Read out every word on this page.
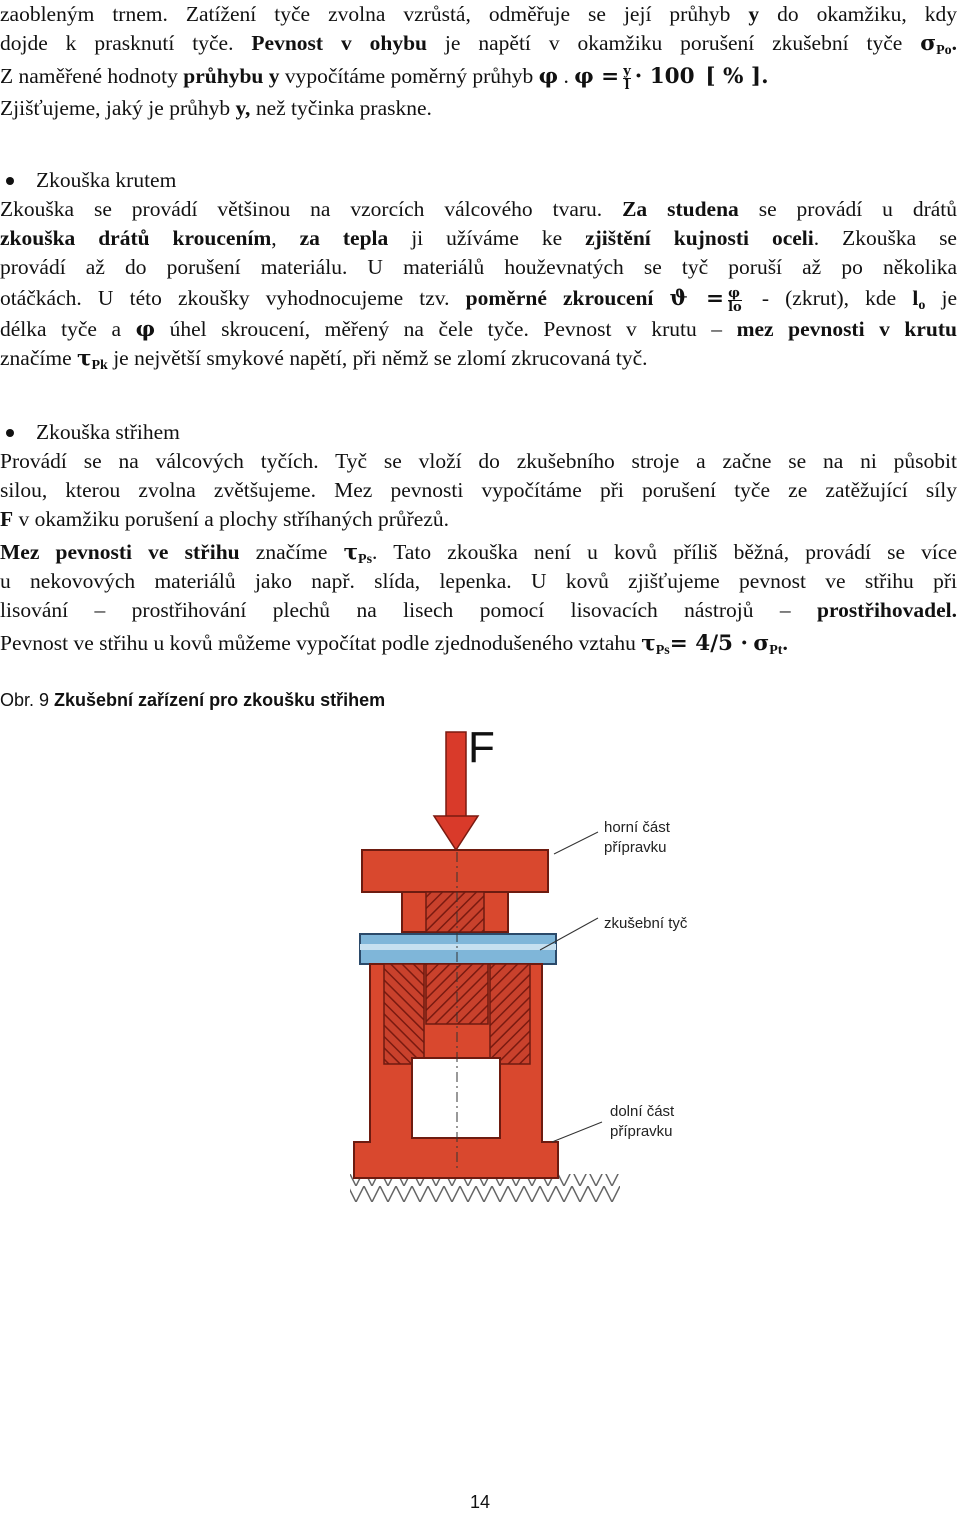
zaobleným trnem. Zatížení tyče zvolna vzrůstá, odměřuje se její průhyb y do okamžiku, kdy
dojde k prasknutí tyče. Pevnost v ohybu je napětí v okamžiku porušení zkušební tyče $\sigma_{Po}$.
Z naměřené hodnoty průhybu y vypočítáme poměrný průhyb φ . $\varphi = \frac{y}{l} \cdot 100$ [ % ].
Zjišťujeme, jaký je průhyb y, než tyčinka praskne.
Zkouška krutem
Zkouška se provádí většinou na vzorcích válcového tvaru. Za studena se provádí u drátů
zkouška drátů kroucením, za tepla ji užíváme ke zjištění kujnosti oceli. Zkouška se
provádí až do porušení materiálu. U materiálů houževnatých se tyč poruší až po několika
otáčkách. U této zkoušky vyhodnocujeme tzv. poměrné zkroucení $ϑ = \frac{\varphi}{lo}$ - (zkrut), kde $l_o$ je
délka tyče a φ úhel skroucení, měřený na čele tyče. Pevnost v krutu – mez pevnosti v krutu
značíme $\tau_{Pk}$ je největší smykové napětí, při němž se zlomí zkrucovaná tyč.
Zkouška střihem
Provádí se na válcových tyčích. Tyč se vloží do zkušebního stroje a začne se na ni působit
silou, kterou zvolna zvětšujeme. Mez pevnosti vypočítáme při porušení tyče ze zatěžující síly
F v okamžiku porušení a plochy stříhaných průřezů.
Mez pevnosti ve střihu značíme $\tau_{Ps}$. Tato zkouška není u kovů příliš běžná, provádí se více
u nekovových materiálů jako např. slída, lepenka. U kovů zjišťujeme pevnost ve střihu při
lisování – prostřihování plechů na lisech pomocí lisovacích nástrojů – prostřihovadel.
Pevnost ve střihu u kovů můžeme vypočítat podle zjednodušeného vztahu $\tau_{Ps}= 4/5 \cdot \sigma_{Pt}$.
Obr. 9 Zkušební zařízení pro zkoušku střihem
F
horní část
přípravku
zkušební tyč
dolní část
přípravku
14
